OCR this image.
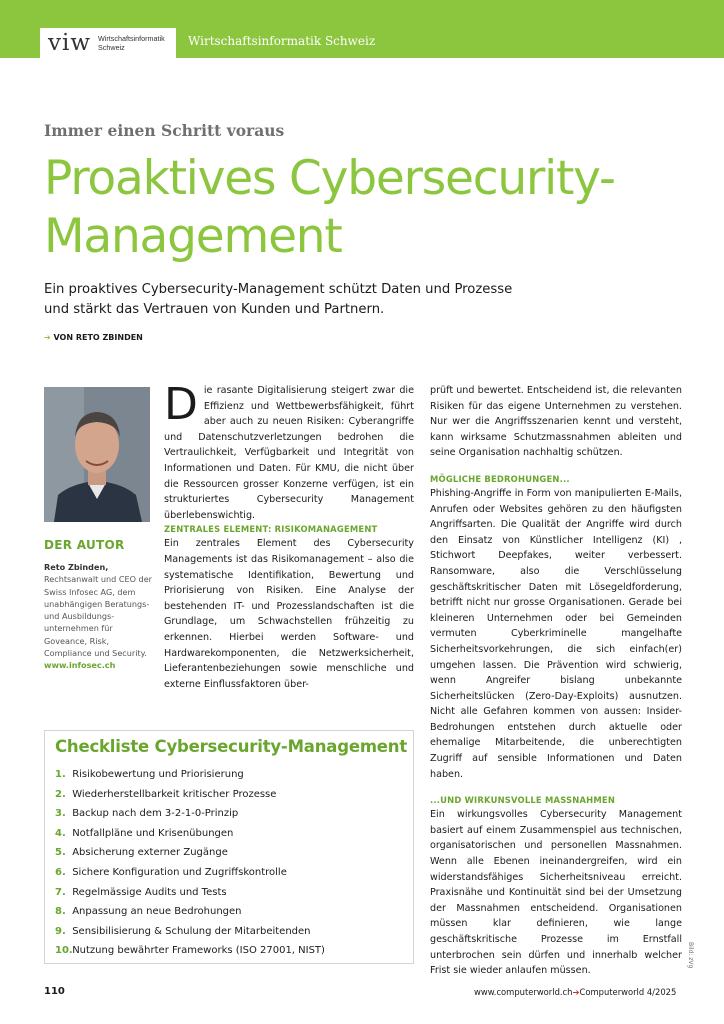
viw Wirtschaftsinformatik
Schweiz	Wirtschaftsinformatik Schweiz
Immer einen Schritt voraus
Proaktives Cybersecurity-Management
Ein proaktives Cybersecurity-Management schützt Daten und Prozesse und stärkt das Vertrauen von Kunden und Partnern.
➔ VON RETO ZBINDEN
DER AUTOR
Reto Zbinden,
Rechtsanwalt und CEO der Swiss Infosec AG, dem unabhängigen Beratungs- und Ausbildungs-unternehmen für Goveance, Risk, Compliance und Security.
www.infosec.ch

D ie rasante Digitalisierung steigert zwar die Effizienz und Wettbewerbsfähigkeit, führt aber auch zu neuen Risiken: Cyberangriffe und Datenschutzverletzungen bedrohen die Vertraulichkeit, Verfügbarkeit und Integrität von Informationen und Daten. Für KMU, die nicht über die Ressourcen grosser Konzerne verfügen, ist ein strukturiertes Cybersecurity Management überlebenswichtig.

ZENTRALES ELEMENT: RISIKOMANAGEMENT

Ein zentrales Element des Cybersecurity Managements ist das Risikomanagement – also die systematische Identifikation, Bewertung und Priorisierung von Risiken. Eine Analyse der bestehenden IT- und Prozesslandschaften ist die Grundlage, um Schwachstellen frühzeitig zu erkennen. Hierbei werden Software- und Hardwarekomponenten, die Netzwerksicherheit, Lieferantenbeziehungen sowie menschliche und externe Einflussfaktoren über-

prüft und bewertet. Entscheidend ist, die relevanten Risiken für das eigene Unternehmen zu verstehen. Nur wer die Angriffsszenarien kennt und versteht, kann wirksame Schutzmassnahmen ableiten und seine Organisation nachhaltig schützen.

MÖGLICHE BEDROHUNGEN...

Phishing-Angriffe in Form von manipulierten E-Mails, Anrufen oder Websites gehören zu den häufigsten Angriffsarten. Die Qualität der Angriffe wird durch den Einsatz von Künstlicher Intelligenz (KI) , Stichwort Deepfakes, weiter verbessert. Ransomware, also die Verschlüsselung geschäftskritischer Daten mit Lösegeldforderung, betrifft nicht nur grosse Organisationen. Gerade bei kleineren Unternehmen oder bei Gemeinden vermuten Cyberkriminelle mangelhafte Sicherheitsvorkehrungen, die sich einfach(er) umgehen lassen. Die Prävention wird schwierig, wenn Angreifer bislang unbekannte Sicherheitslücken (Zero-Day-Exploits) ausnutzen. Nicht alle Gefahren kommen von aussen: Insider-Bedrohungen entstehen durch aktuelle oder ehemalige Mitarbeitende, die unberechtigten Zugriff auf sensible Informationen und Daten haben.

...UND WIRKUNSVOLLE MASSNAHMEN

Ein wirkungsvolles Cybersecurity Management basiert auf einem Zusammenspiel aus technischen, organisatorischen und personellen Massnahmen. Wenn alle Ebenen ineinandergreifen, wird ein widerstandsfähiges Sicherheitsniveau erreicht. Praxisnähe und Kontinuität sind bei der Umsetzung der Massnahmen entscheidend. Organisationen müssen klar definieren, wie lange geschäftskritische Prozesse im Ernstfall unterbrochen sein dürfen und innerhalb welcher Frist sie wieder anlaufen müssen.

Checkliste Cybersecurity-Management
1. Risikobewertung und Priorisierung
2. Wiederherstellbarkeit kritischer Prozesse
3. Backup nach dem 3-2-1-0-Prinzip
4. Notfallpläne und Krisenübungen
5. Absicherung externer Zugänge
6. Sichere Konfiguration und Zugriffskontrolle
7. Regelmässige Audits und Tests
8. Anpassung an neue Bedrohungen
9. Sensibilisierung & Schulung der Mitarbeitenden
10. Nutzung bewährter Frameworks (ISO 27001, NIST)
110	www.computerworld.ch➔Computerworld 4/2025
Bild: zVg
